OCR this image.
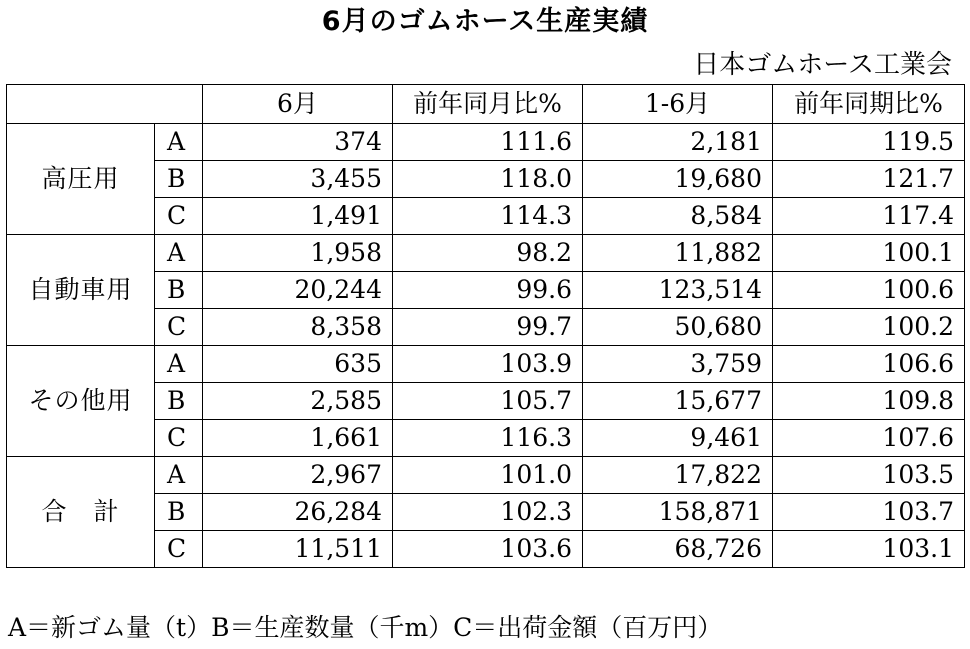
6月のゴムホース生産実績
日本ゴムホース工業会
		6月	前年同月比%	1-6月	前年同期比%
高圧用	A	374	111.6	2,181	119.5
	B	3,455	118.0	19,680	121.7
	C	1,491	114.3	8,584	117.4
自動車用	A	1,958	98.2	11,882	100.1
	B	20,244	99.6	123,514	100.6
	C	8,358	99.7	50,680	100.2
その他用	A	635	103.9	3,759	106.6
	B	2,585	105.7	15,677	109.8
	C	1,661	116.3	9,461	107.6
合　計	A	2,967	101.0	17,822	103.5
	B	26,284	102.3	158,871	103.7
	C	11,511	103.6	68,726	103.1
A＝新ゴム量（t）B＝生産数量（千m）C＝出荷金額（百万円）
